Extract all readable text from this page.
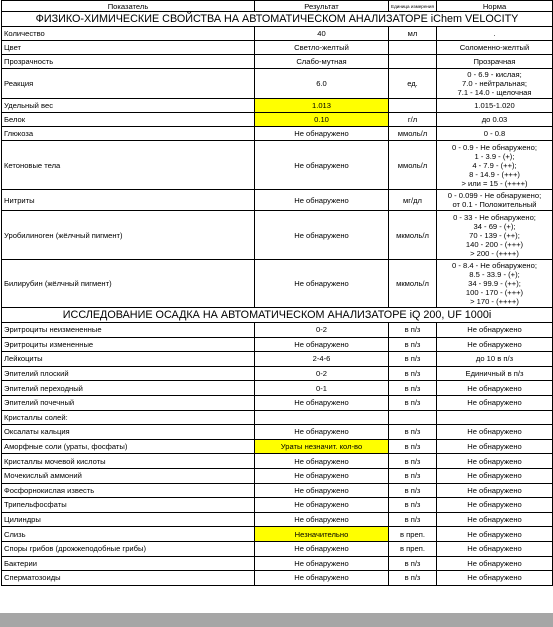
Показатель	Результат	Единица измерения	Норма
ФИЗИКО-ХИМИЧЕСКИЕ СВОЙСТВА НА АВТОМАТИЧЕСКОМ АНАЛИЗАТОРЕ iChem VELOCITY			
Количество	40	мл	.
Цвет	Светло-желтый		Соломенно-желтый
Прозрачность	Слабо-мутная		Прозрачная
Реакция	6.0	ед.	0 - 6.9 - кислая;
7.0 - нейтральная;
7.1 - 14.0 - щелочная

Удельный вес	1.013		1.015-1.020
Белок	0.10	г/л	до 0.03
Глюкоза	Не обнаружено	ммоль/л	0 - 0.8
Кетоновые тела	Не обнаружено	ммоль/л	0 - 0.9 - Не обнаружено;
1 - 3.9 - (+);
4 - 7.9 - (++);
8 - 14.9 - (+++)
> или = 15 - (++++)

Нитриты	Не обнаружено	мг/дл	0 - 0.099 - Не обнаружено;
от 0.1 - Положительный

Уробилиноген (жёлчный пигмент)	Не обнаружено	мкмоль/л	0 - 33 - Не обнаружено;
34 - 69 - (+);
70 - 139 - (++);
140 - 200 - (+++)
> 200 - (++++)

Билирубин (жёлчный пигмент)	Не обнаружено	мкмоль/л	0 - 8.4 - Не обнаружено;
8.5 - 33.9 - (+);
34 - 99.9 - (++);
100 - 170 - (+++)
> 170 - (++++)

ИССЛЕДОВАНИЕ ОСАДКА НА АВТОМАТИЧЕСКОМ АНАЛИЗАТОРЕ iQ 200, UF 1000i			
Эритроциты неизмененные	0-2	в п/з	Не обнаружено
Эритроциты измененные	Не обнаружено	в п/з	Не обнаружено
Лейкоциты	2-4-6	в п/з	до 10 в п/з
Эпителий плоский	0-2	в п/з	Единичный в п/з
Эпителий переходный	0-1	в п/з	Не обнаружено
Эпителий почечный	Не обнаружено	в п/з	Не обнаружено
Кристаллы солей:			
Оксалаты кальция	Не обнаружено	в п/з	Не обнаружено
Аморфные соли (ураты, фосфаты)	Ураты незначит. кол-во	в п/з	Не обнаружено
Кристаллы мочевой кислоты	Не обнаружено	в п/з	Не обнаружено
Мочекислый аммоний	Не обнаружено	в п/з	Не обнаружено
Фосфорнокислая известь	Не обнаружено	в п/з	Не обнаружено
Трипельфосфаты	Не обнаружено	в п/з	Не обнаружено
Цилиндры	Не обнаружено	в п/з	Не обнаружено
Слизь	Незначительно	в преп.	Не обнаружено
Споры грибов (дрожжеподобные грибы)	Не обнаружено	в преп.	Не обнаружено
Бактерии	Не обнаружено	в п/з	Не обнаружено
Сперматозоиды	Не обнаружено	в п/з	Не обнаружено
